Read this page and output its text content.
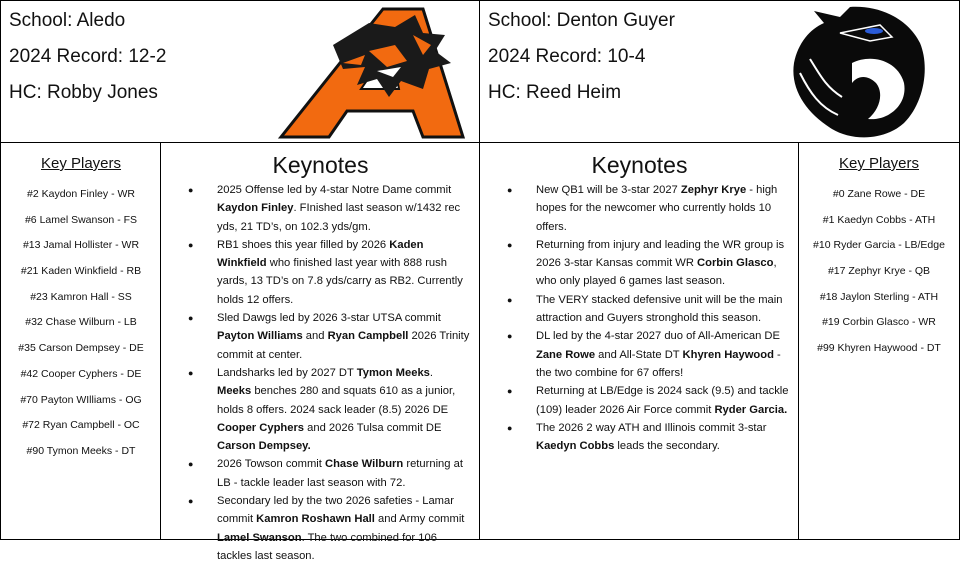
School: Aledo
2024 Record: 12-2
HC: Robby Jones
School: Denton Guyer
2024 Record: 10-4
HC: Reed Heim
Key Players
#2 Kaydon Finley - WR
#6 Lamel Swanson - FS
#13 Jamal Hollister - WR
#21 Kaden Winkfield - RB
#23 Kamron Hall - SS
#32 Chase Wilburn - LB
#35 Carson Dempsey - DE
#42 Cooper Cyphers - DE
#70 Payton WIlliams - OG
#72 Ryan Campbell - OC
#90 Tymon Meeks - DT
Keynotes
● 2025 Offense led by 4-star Notre Dame commit Kaydon Finley. FInished last season w/1432 rec yds, 21 TD’s, on 102.3 yds/gm.
● RB1 shoes this year filled by 2026 Kaden Winkfield who finished last year with 888 rush yards, 13 TD’s on 7.8 yds/carry as RB2. Currently holds 12 offers.
● Sled Dawgs led by 2026 3-star UTSA commit Payton Williams and Ryan Campbell 2026 Trinity commit at center.
● Landsharks led by 2027 DT Tymon Meeks. Meeks benches 280 and squats 610 as a junior, holds 8 offers. 2024 sack leader (8.5) 2026 DE Cooper Cyphers and 2026 Tulsa commit DE Carson Dempsey.
● 2026 Towson commit Chase Wilburn returning at LB - tackle leader last season with 72.
● Secondary led by the two 2026 safeties - Lamar commit Kamron Roshawn Hall and Army commit Lamel Swanson. The two combined for 106 tackles last season.
Keynotes
● New QB1 will be 3-star 2027 Zephyr Krye - high hopes for the newcomer who currently holds 10 offers.
● Returning from injury and leading the WR group is 2026 3-star Kansas commit WR Corbin Glasco, who only played 6 games last season.
● The VERY stacked defensive unit will be the main attraction and Guyers stronghold this season.
● DL led by the 4-star 2027 duo of All-American DE Zane Rowe and All-State DT Khyren Haywood - the two combine for 67 offers!
● Returning at LB/Edge is 2024 sack (9.5) and tackle (109) leader 2026 Air Force commit Ryder Garcia.
● The 2026 2 way ATH and Illinois commit 3-star Kaedyn Cobbs leads the secondary.
Key Players
#0 Zane Rowe - DE
#1 Kaedyn Cobbs - ATH
#10 Ryder Garcia - LB/Edge
#17 Zephyr Krye - QB
#18 Jaylon Sterling - ATH
#19 Corbin Glasco - WR
#99 Khyren Haywood - DT
